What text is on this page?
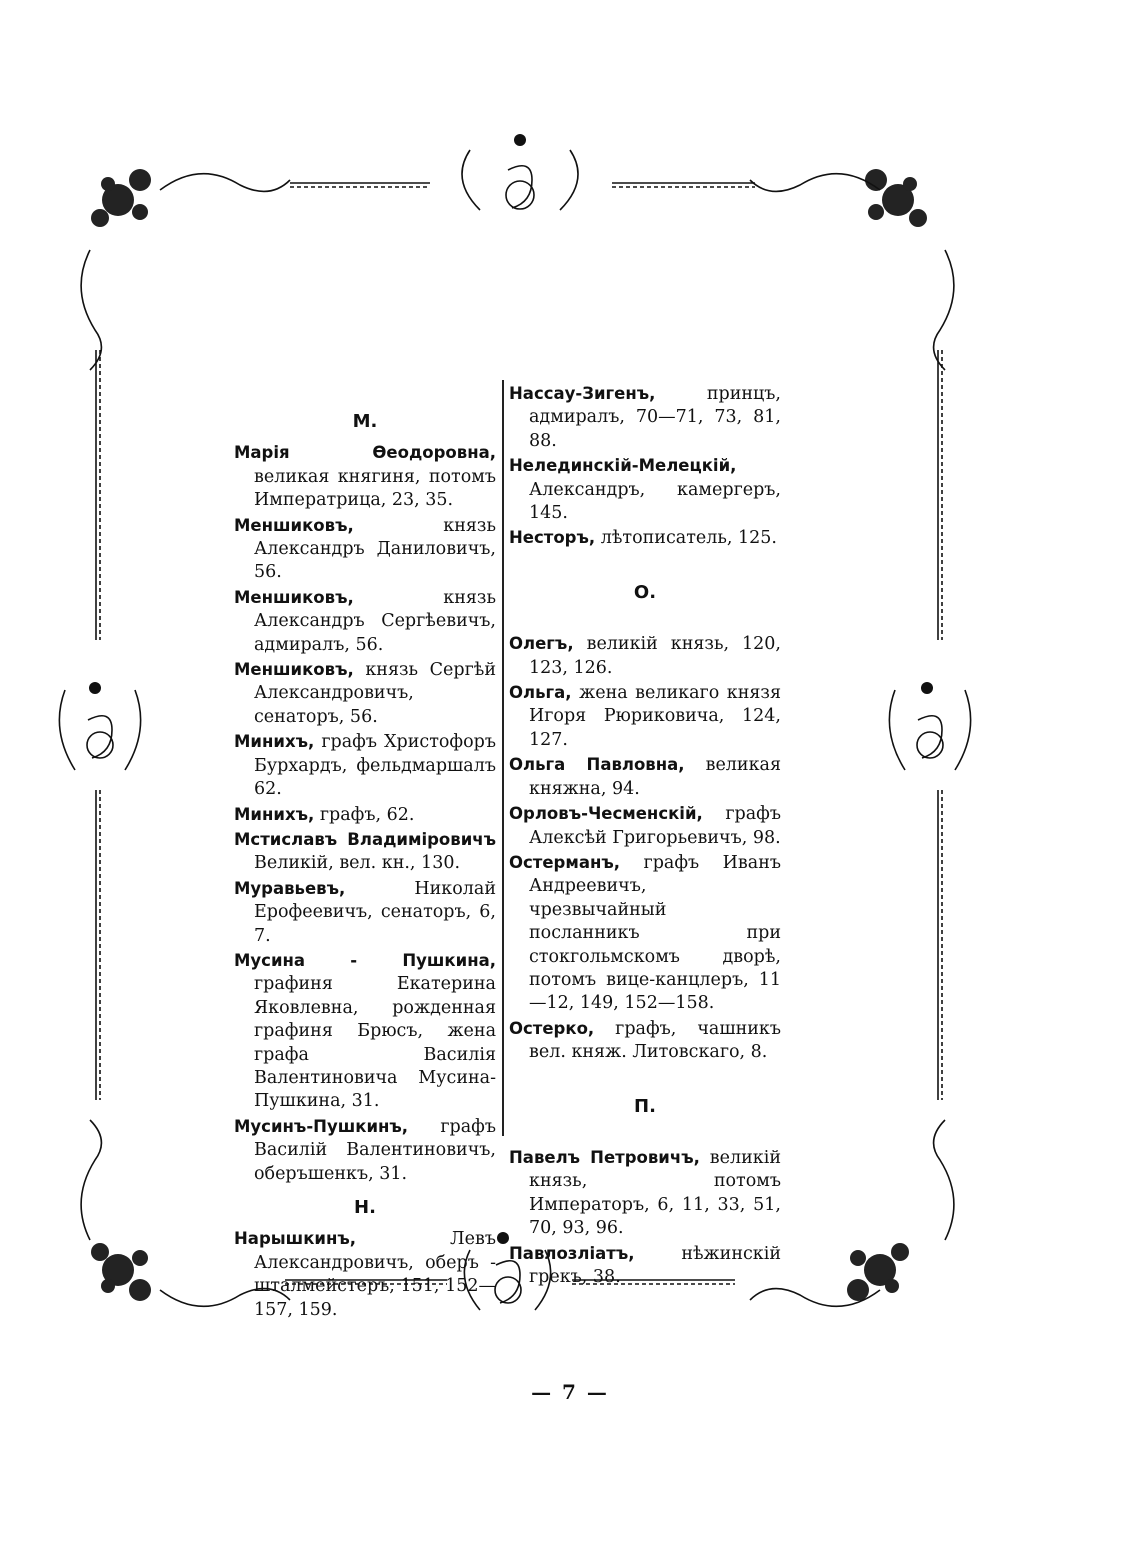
М.
Марія Ѳеодоровна, великая княгиня, потомъ Императрица, 23, 35.
Меншиковъ,	князь Александръ Даниловичъ, 56.
Меншиковъ,	князь Александръ Сергѣевичъ, адмиралъ, 56.
Меншиковъ, князь Сергѣй Александровичъ, сенаторъ, 56.
Минихъ, графъ Христофоръ Бурхардъ, фельдмаршалъ 62.
Минихъ, графъ, 62.
Мстиславъ Владиміровичъ Великій, вел. кн., 130.
Муравьевъ,	Николай Ерофеевичъ, сенаторъ, 6, 7.
Мусина - Пушкина, графиня Екатерина Яковлевна, рожденная графиня Брюсъ, жена графа Василія Валентиновича Мусина-Пушкина, 31.
Мусинъ-Пушкинъ, графъ Василій Валентиновичъ, оберъшенкъ, 31.
Н.
Нарышкинъ,	Левъ Александровичъ, оберъ - шталмейстеръ, 151, 152—157, 159.
Нассау-Зигенъ,	принцъ, адмиралъ, 70—71, 73, 81, 88.
Нелединскій-Мелецкій, Александръ, камергеръ, 145.
Несторъ, лѣтописатель, 125.
О.
Олегъ, великій князь, 120, 123, 126.
Ольга, жена великаго князя Игоря Рюриковича, 124, 127.
Ольга Павловна, великая княжна, 94.
Орловъ-Чесменскій, графъ Алексѣй Григорьевичъ, 98.
Остерманъ, графъ Иванъ Андреевичъ, чрезвычайный посланникъ при стокгольмскомъ дворѣ, потомъ вице-канцлеръ, 11—12, 149, 152—158.
Остерко, графъ, чашникъ вел. княж. Литовскаго, 8.
П.
Павелъ Петровичъ, великій князь, потомъ Императоръ, 6, 11, 33, 51, 70, 93, 96.
Павлозліатъ,	нѣжинскій грекъ, 38.
— 7 —
